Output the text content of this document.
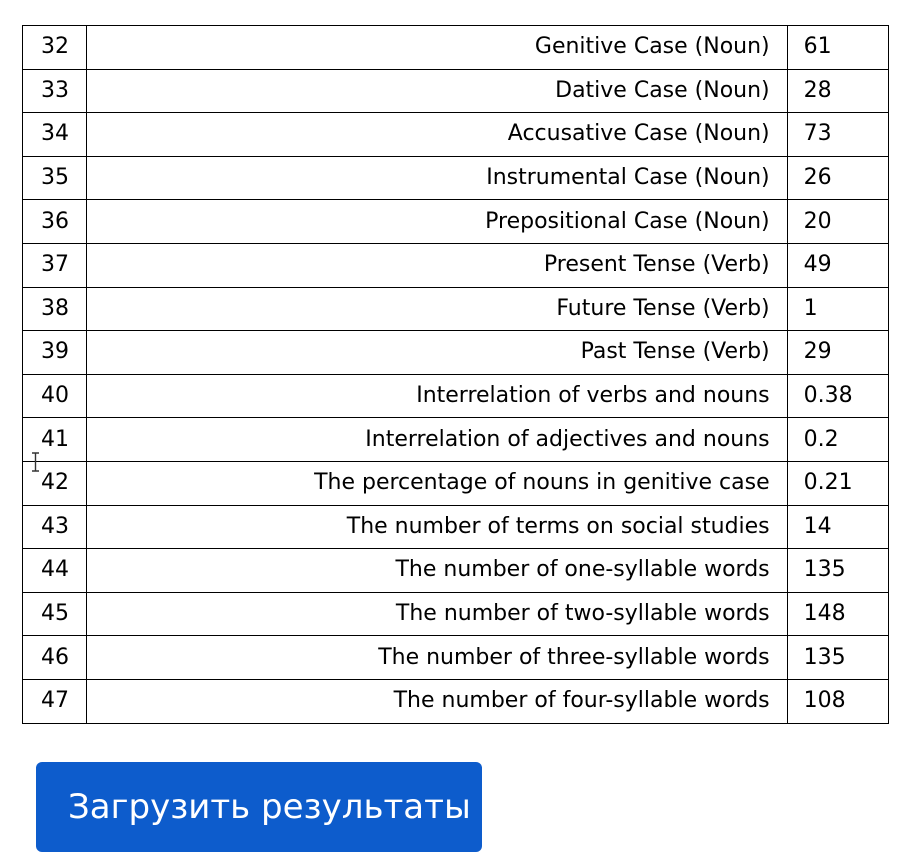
32	Genitive Case (Noun)	61
33	Dative Case (Noun)	28
34	Accusative Case (Noun)	73
35	Instrumental Case (Noun)	26
36	Prepositional Case (Noun)	20
37	Present Tense (Verb)	49
38	Future Tense (Verb)	1
39	Past Tense (Verb)	29
40	Interrelation of verbs and nouns	0.38
41	Interrelation of adjectives and nouns	0.2
42	The percentage of nouns in genitive case	0.21
43	The number of terms on social studies	14
44	The number of one-syllable words	135
45	The number of two-syllable words	148
46	The number of three-syllable words	135
47	The number of four-syllable words	108
Загрузить результаты
